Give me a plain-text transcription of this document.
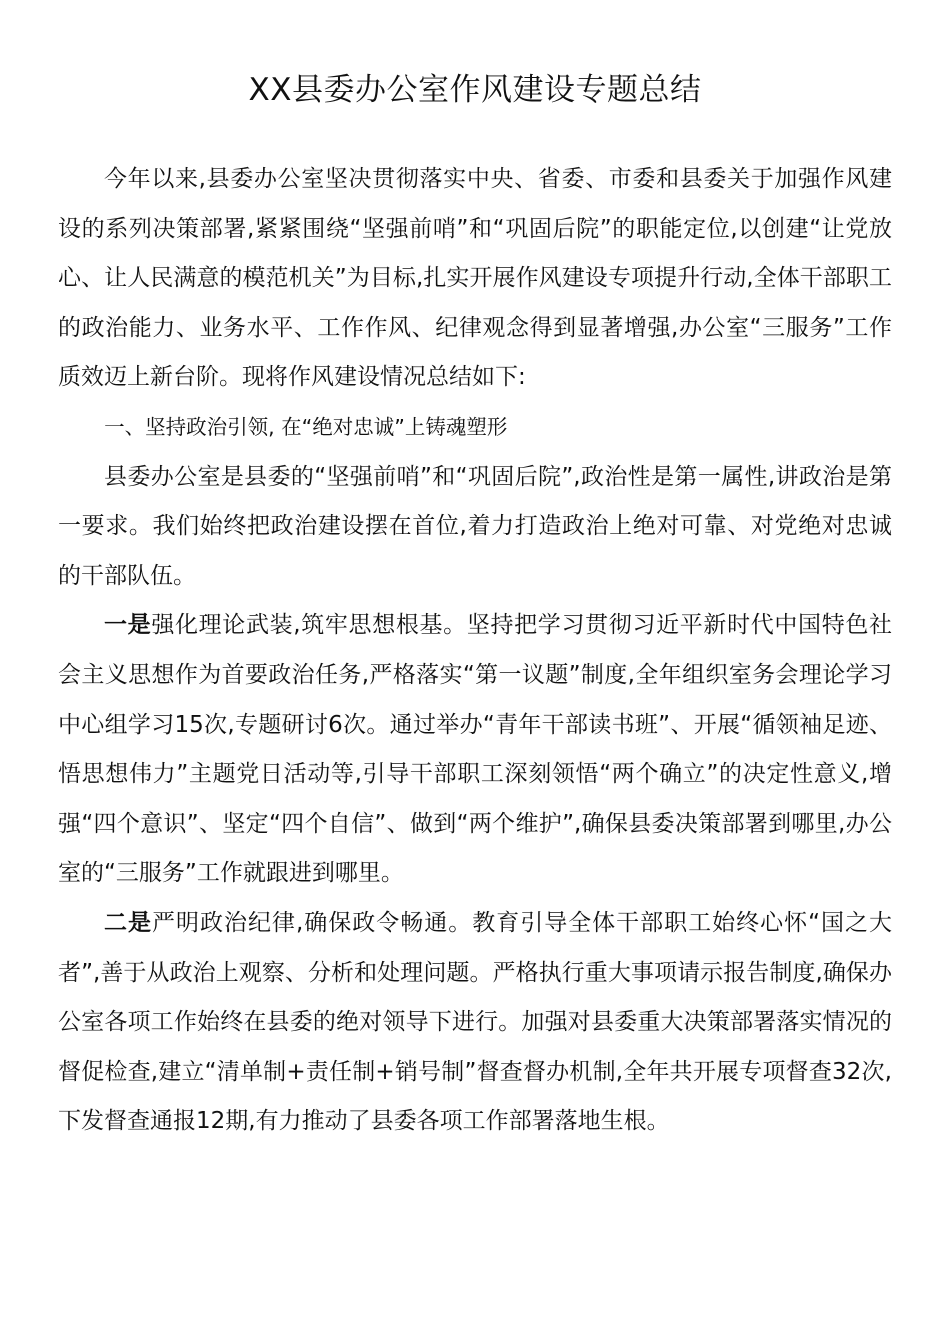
XX县委办公室作风建设专题总结

今年以来,县委办公室坚决贯彻落实中央、省委、市委和县委关于加强作风建设的系列决策部署,紧紧围绕“坚强前哨”和“巩固后院”的职能定位,以创建“让党放心、让人民满意的模范机关”为目标,扎实开展作风建设专项提升行动,全体干部职工的政治能力、业务水平、工作作风、纪律观念得到显著增强,办公室“三服务”工作质效迈上新台阶。现将作风建设情况总结如下:

一、坚持政治引领, 在“绝对忠诚”上铸魂塑形

县委办公室是县委的“坚强前哨”和“巩固后院”,政治性是第一属性,讲政治是第一要求。我们始终把政治建设摆在首位,着力打造政治上绝对可靠、对党绝对忠诚的干部队伍。

一是强化理论武装,筑牢思想根基。坚持把学习贯彻习近平新时代中国特色社会主义思想作为首要政治任务,严格落实“第一议题”制度,全年组织室务会理论学习中心组学习15次,专题研讨6次。通过举办“青年干部读书班”、开展“循领袖足迹、悟思想伟力”主题党日活动等,引导干部职工深刻领悟“两个确立”的决定性意义,增强“四个意识”、坚定“四个自信”、做到“两个维护”,确保县委决策部署到哪里,办公室的“三服务”工作就跟进到哪里。

二是严明政治纪律,确保政令畅通。教育引导全体干部职工始终心怀“国之大者”,善于从政治上观察、分析和处理问题。严格执行重大事项请示报告制度,确保办公室各项工作始终在县委的绝对领导下进行。加强对县委重大决策部署落实情况的督促检查,建立“清单制+责任制+销号制”督查督办机制,全年共开展专项督查32次,下发督查通报12期,有力推动了县委各项工作部署落地生根。
